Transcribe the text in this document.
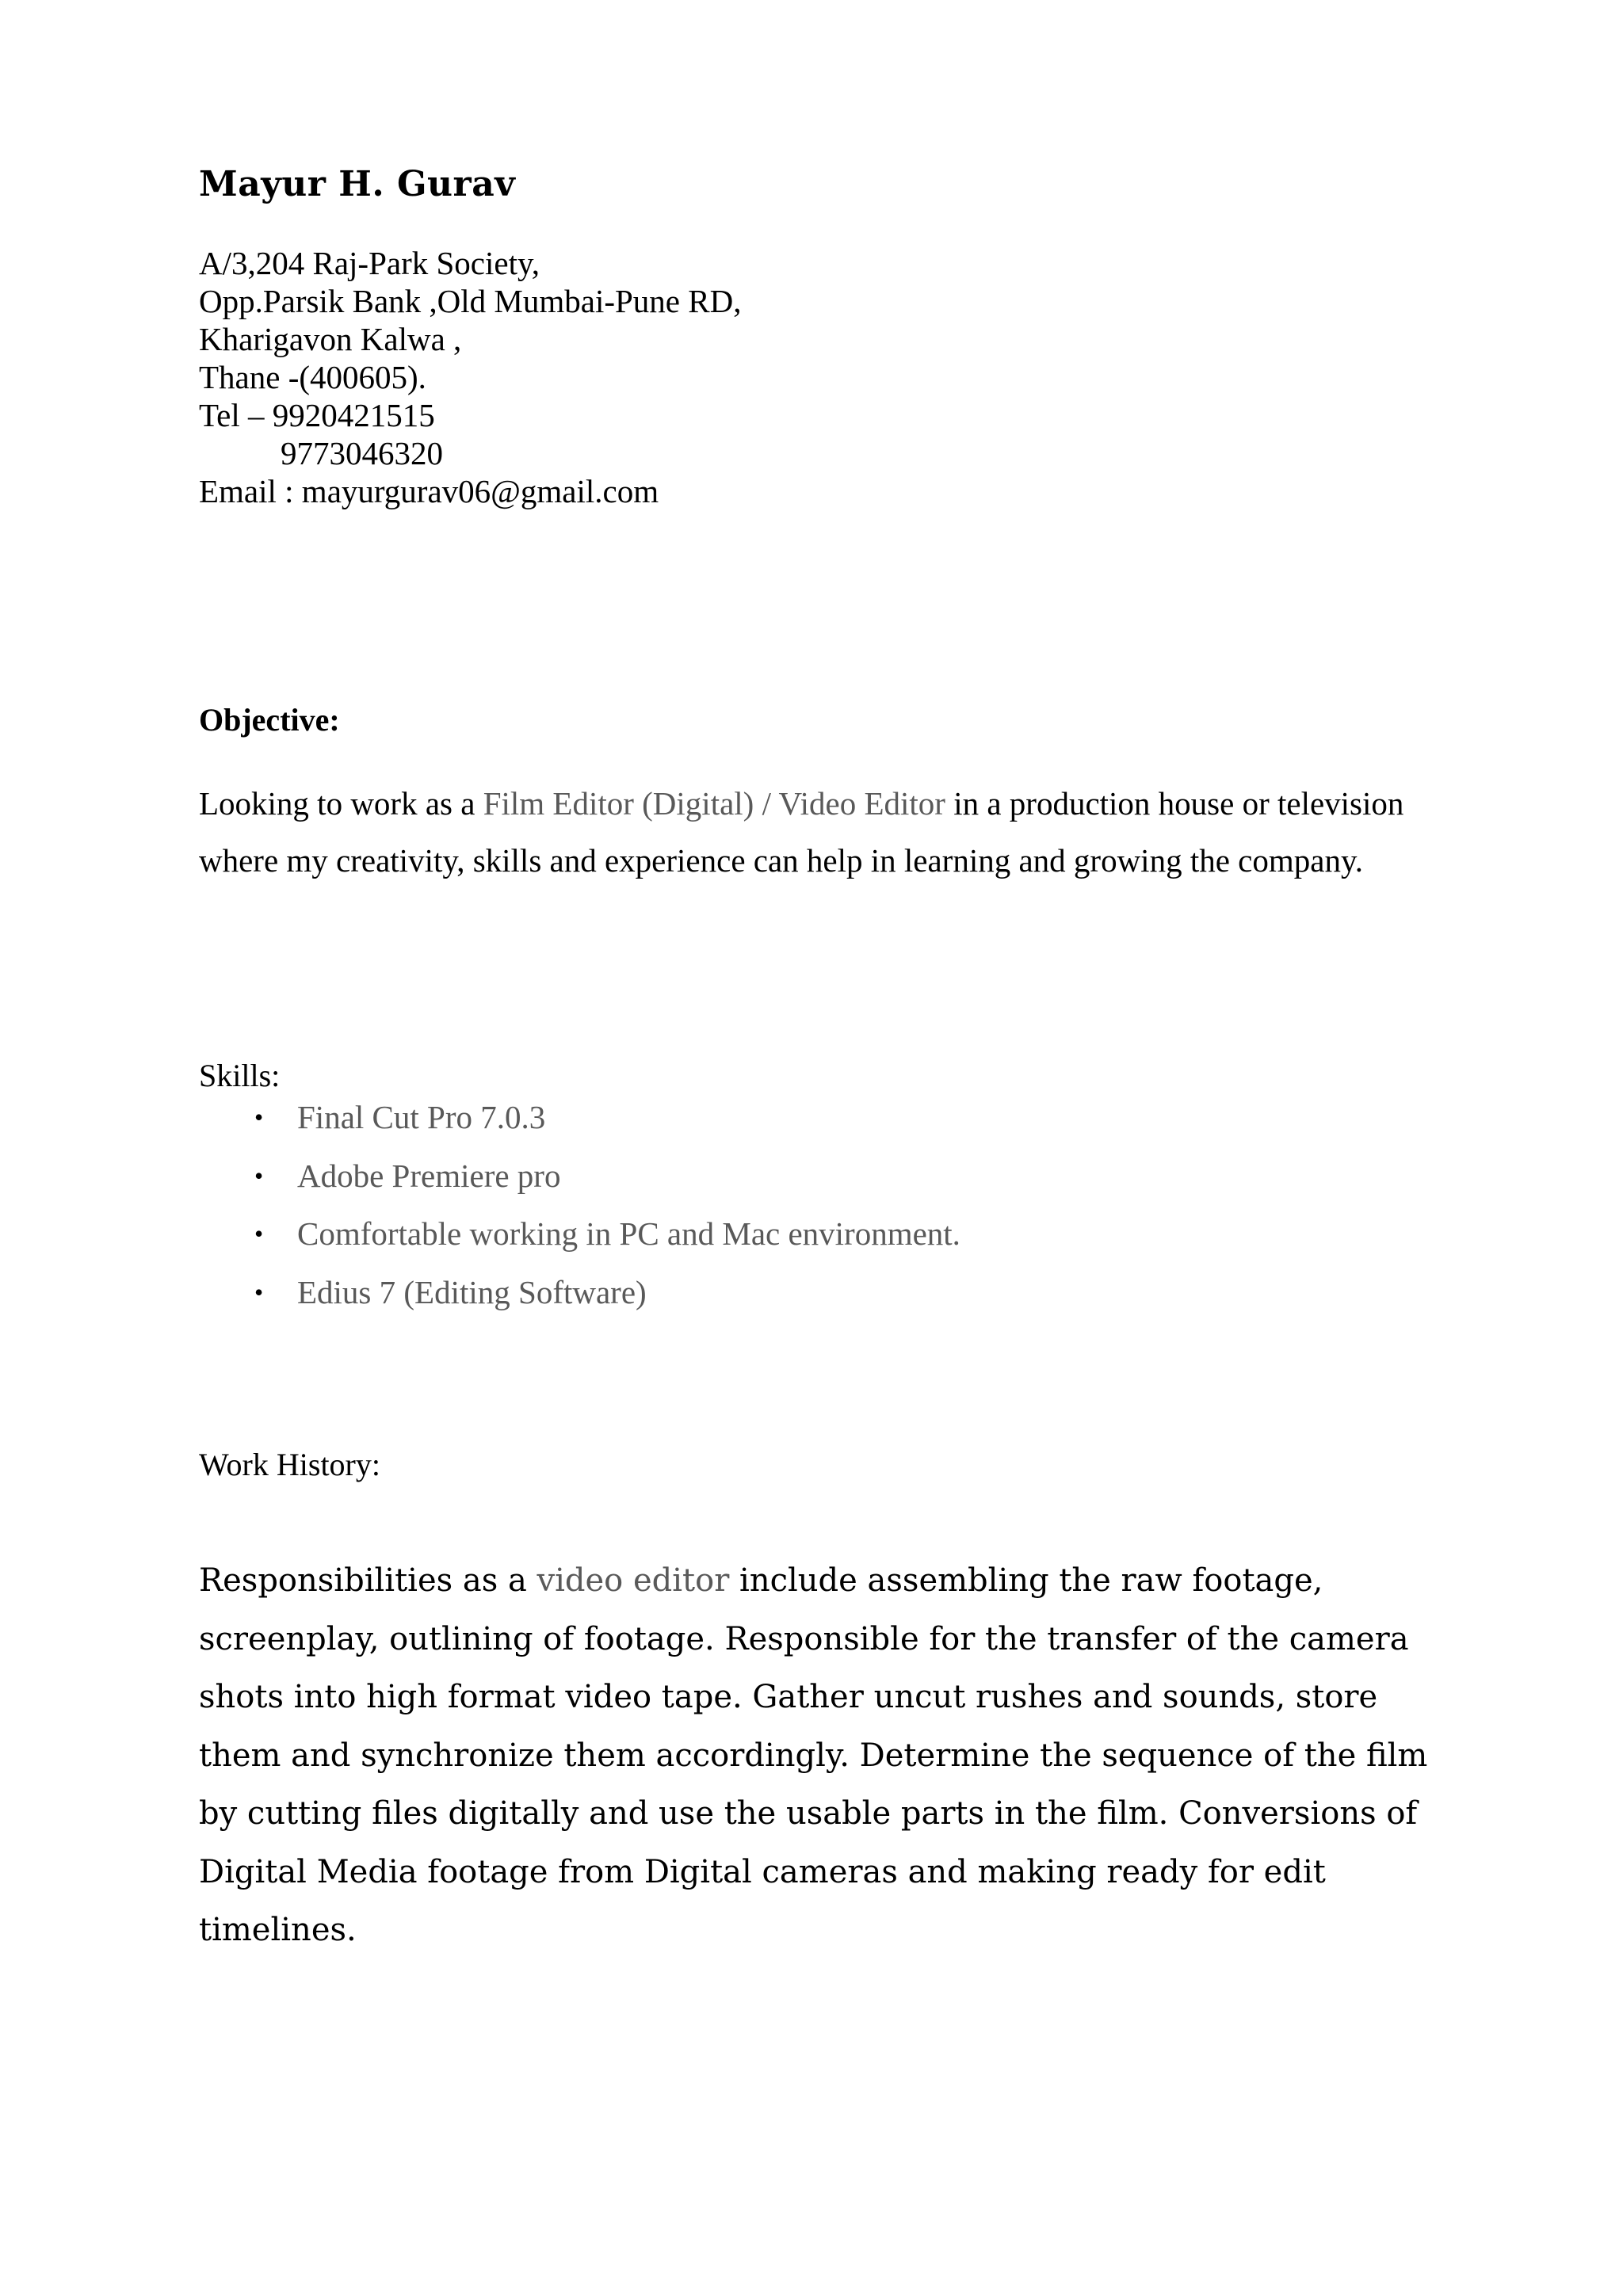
Mayur H. Gurav
A/3,204 Raj-Park Society,
Opp.Parsik Bank ,Old Mumbai-Pune RD,
Kharigavon Kalwa ,
Thane -(400605).
Tel – 9920421515
9773046320
Email : mayurgurav06@gmail.com
Objective:

Looking to work as a Film Editor (Digital) / Video Editor in a production house or television where my creativity, skills and experience can help in learning and growing the company.

Skills:
• Final Cut Pro 7.0.3
• Adobe Premiere pro
• Comfortable working in PC and Mac environment.
• Edius 7 (Editing Software)
Work History:

Responsibilities as a video editor include assembling the raw footage, screenplay, outlining of footage. Responsible for the transfer of the camera shots into high format video tape. Gather uncut rushes and sounds, store them and synchronize them accordingly. Determine the sequence of the film by cutting files digitally and use the usable parts in the film. Conversions of Digital Media footage from Digital cameras and making ready for edit timelines.
